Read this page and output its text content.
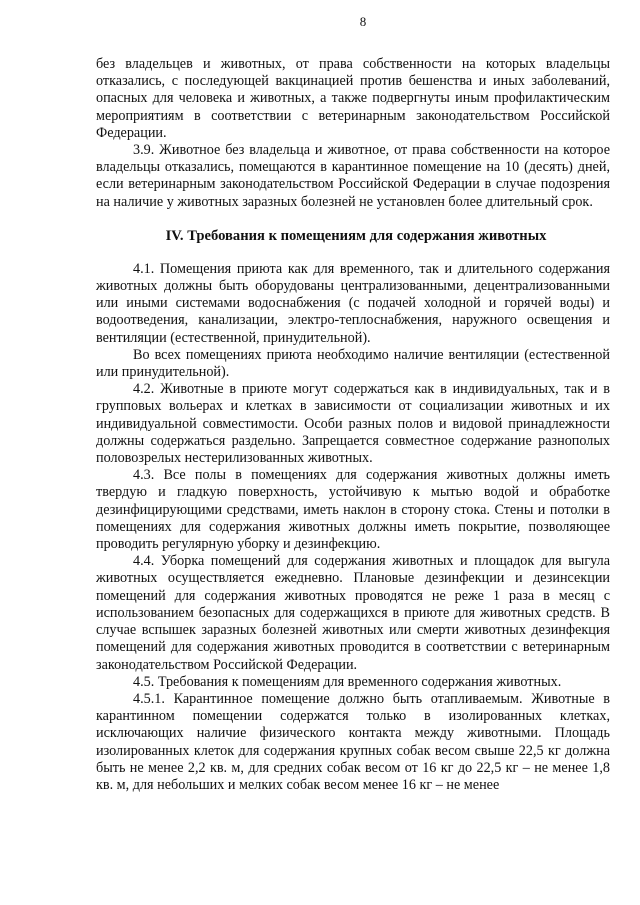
8

без владельцев и животных, от права собственности на которых владельцы отказались, с последующей вакцинацией против бешенства и иных заболеваний, опасных для человека и животных, а также подвергнуты иным профилактическим мероприятиям в соответствии с ветеринарным законодательством Российской Федерации.

3.9. Животное без владельца и животное, от права собственности на которое владельцы отказались, помещаются в карантинное помещение на 10 (десять) дней, если ветеринарным законодательством Российской Федерации в случае подозрения на наличие у животных заразных болезней не установлен более длительный срок.

IV. Требования к помещениям для содержания животных

4.1. Помещения приюта как для временного, так и длительного содержания животных должны быть оборудованы централизованными, децентрализованными или иными системами водоснабжения (с подачей холодной и горячей воды) и водоотведения, канализации, электро-теплоснабжения, наружного освещения и вентиляции (естественной, принудительной).

Во всех помещениях приюта необходимо наличие вентиляции (естественной или принудительной).

4.2. Животные в приюте могут содержаться как в индивидуальных, так и в групповых вольерах и клетках в зависимости от социализации животных и их индивидуальной совместимости. Особи разных полов и видовой принадлежности должны содержаться раздельно. Запрещается совместное содержание разнополых половозрелых нестерилизованных животных.

4.3. Все полы в помещениях для содержания животных должны иметь твердую и гладкую поверхность, устойчивую к мытью водой и обработке дезинфицирующими средствами, иметь наклон в сторону стока. Стены и потолки в помещениях для содержания животных должны иметь покрытие, позволяющее проводить регулярную уборку и дезинфекцию.

4.4. Уборка помещений для содержания животных и площадок для выгула животных осуществляется ежедневно. Плановые дезинфекции и дезинсекции помещений для содержания животных проводятся не реже 1 раза в месяц с использованием безопасных для содержащихся в приюте для животных средств. В случае вспышек заразных болезней животных или смерти животных дезинфекция помещений для содержания животных проводится в соответствии с ветеринарным законодательством Российской Федерации.

4.5. Требования к помещениям для временного содержания животных.

4.5.1. Карантинное помещение должно быть отапливаемым. Животные в карантинном помещении содержатся только в изолированных клетках, исключающих наличие физического контакта между животными. Площадь изолированных клеток для содержания крупных собак весом свыше 22,5 кг должна быть не менее 2,2 кв. м, для средних собак весом от 16 кг до 22,5 кг – не менее 1,8 кв. м, для небольших и мелких собак весом менее 16 кг – не менее
